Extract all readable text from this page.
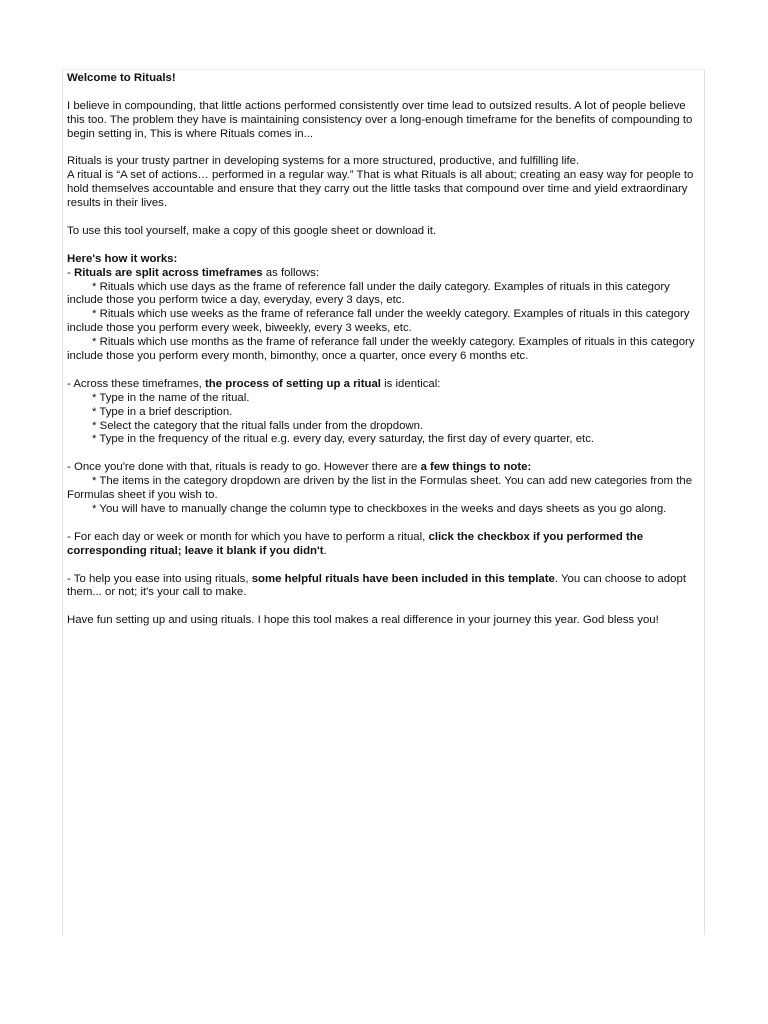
Welcome to Rituals!

I believe in compounding, that little actions performed consistently over time lead to outsized results. A lot of people believe this too. The problem they have is maintaining consistency over a long-enough timeframe for the benefits of compounding to begin setting in, This is where Rituals comes in...

Rituals is your trusty partner in developing systems for a more structured, productive, and fulfilling life.
A ritual is “A set of actions… performed in a regular way.” That is what Rituals is all about; creating an easy way for people to hold themselves accountable and ensure that they carry out the little tasks that compound over time and yield extraordinary results in their lives.

To use this tool yourself, make a copy of this google sheet or download it.

Here's how it works:
- Rituals are split across timeframes as follows:
* Rituals which use days as the frame of reference fall under the daily category. Examples of rituals in this category include those you perform twice a day, everyday, every 3 days, etc.
* Rituals which use weeks as the frame of referance fall under the weekly category. Examples of rituals in this category include those you perform every week, biweekly, every 3 weeks, etc.
* Rituals which use months as the frame of referance fall under the weekly category. Examples of rituals in this category include those you perform every month, bimonthy, once a quarter, once every 6 months etc.

- Across these timeframes, the process of setting up a ritual is identical:
* Type in the name of the ritual.
* Type in a brief description.
* Select the category that the ritual falls under from the dropdown.
* Type in the frequency of the ritual e.g. every day, every saturday, the first day of every quarter, etc.

- Once you're done with that, rituals is ready to go. However there are a few things to note:
* The items in the category dropdown are driven by the list in the Formulas sheet. You can add new categories from the Formulas sheet if you wish to.
* You will have to manually change the column type to checkboxes in the weeks and days sheets as you go along.

- For each day or week or month for which you have to perform a ritual, click the checkbox if you performed the corresponding ritual; leave it blank if you didn't.

- To help you ease into using rituals, some helpful rituals have been included in this template. You can choose to adopt them... or not; it's your call to make.

Have fun setting up and using rituals. I hope this tool makes a real difference in your journey this year. God bless you!
